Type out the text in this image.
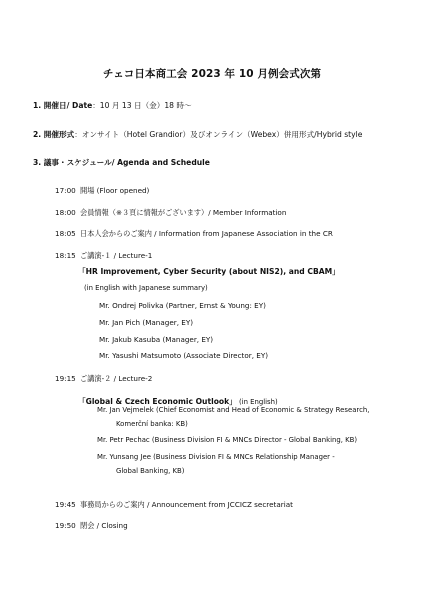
チェコ日本商工会 2023 年 10 月例会式次第
1. 開催日/ Date：10 月 13 日（金）18 時～
2. 開催形式：オンサイト（Hotel Grandior）及びオンライン（Webex）併用形式/Hybrid style
3. 議事・スケジュール/ Agenda and Schedule
17:00 開場 (Floor opened)
18:00 会員情報（※３頁に情報がございます）/ Member Information
18:05 日本人会からのご案内 / Information from Japanese Association in the CR
18:15 ご講演-１ / Lecture-1
「HR Improvement, Cyber Security (about NIS2), and CBAM」
(in English with Japanese summary)
Mr. Ondrej Polivka (Partner, Ernst & Young: EY)
Mr. Jan Pich (Manager, EY)
Mr. Jakub Kasuba (Manager, EY)
Mr. Yasushi Matsumoto (Associate Director, EY)
19:15 ご講演-２ / Lecture-2
「Global & Czech Economic Outlook」 (in English)
Mr. Jan Vejmelek (Chief Economist and Head of Economic & Strategy Research,
Komerční banka: KB)
Mr. Petr Pechac (Business Division FI & MNCs Director - Global Banking, KB)
Mr. Yunsang Jee (Business Division FI & MNCs Relationship Manager -
Global Banking, KB)
19:45 事務局からのご案内 / Announcement from JCCICZ secretariat
19:50 閉会 / Closing
